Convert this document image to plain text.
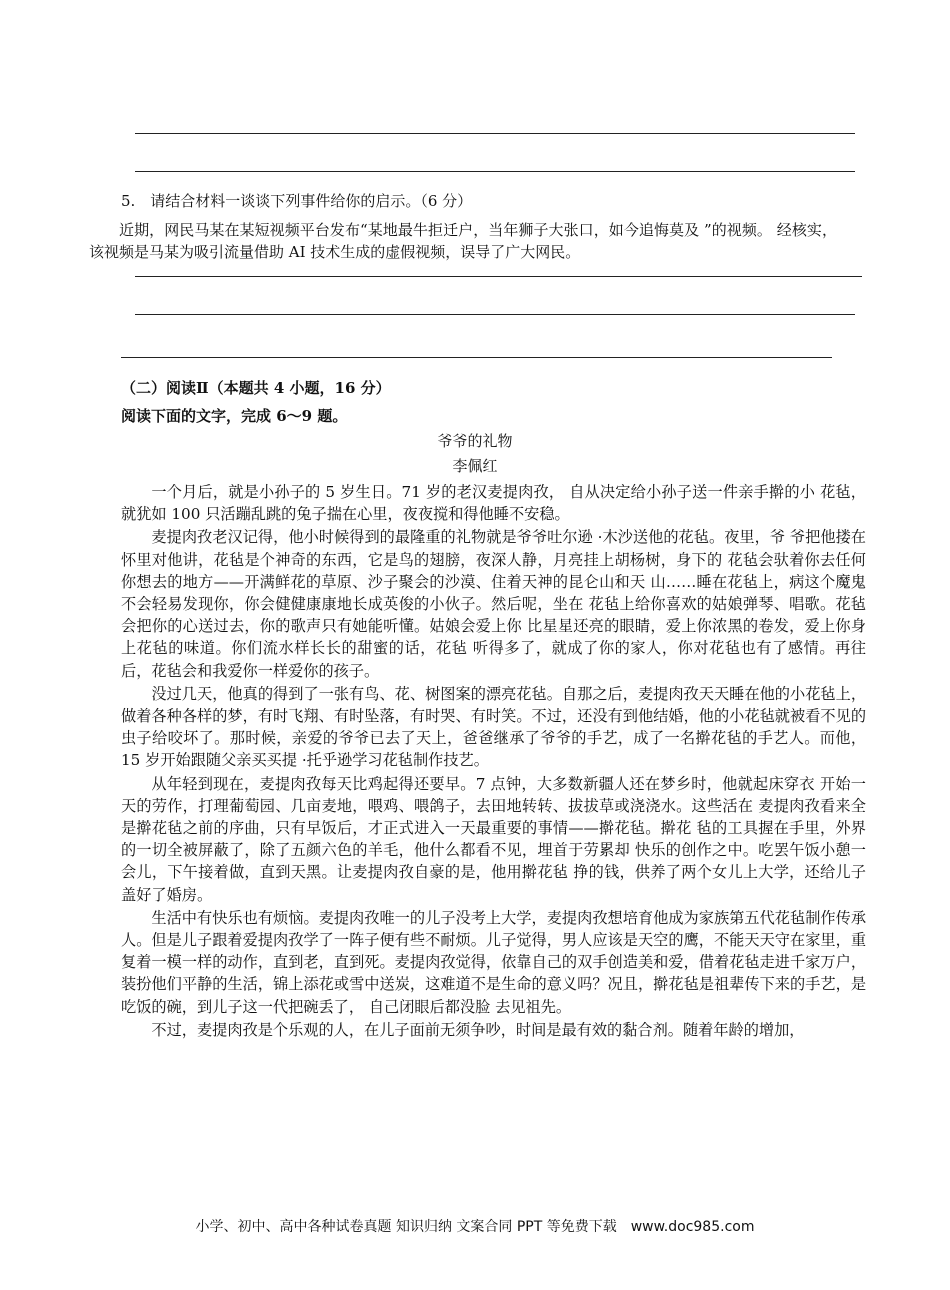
5.　请结合材料一谈谈下列事件给你的启示。（6 分）
近期，网民马某在某短视频平台发布“某地最牛拒迁户，当年狮子大张口，如今追悔莫及 ”的视频。 经核实，该视频是马某为吸引流量借助 AI 技术生成的虚假视频，误导了广大网民。
（二）阅读Ⅱ（本题共 4 小题，16 分）
阅读下面的文字，完成 6～9 题。
爷爷的礼物
李佩红

一个月后，就是小孙子的 5 岁生日。71 岁的老汉麦提肉孜， 自从决定给小孙子送一件亲手擀的小 花毡，就犹如 100 只活蹦乱跳的兔子揣在心里，夜夜搅和得他睡不安稳。

麦提肉孜老汉记得，他小时候得到的最隆重的礼物就是爷爷吐尔逊 ·木沙送他的花毡。夜里，爷 爷把他搂在怀里对他讲，花毡是个神奇的东西，它是鸟的翅膀，夜深人静，月亮挂上胡杨树，身下的 花毡会驮着你去任何你想去的地方——开满鲜花的草原、沙子聚会的沙漠、住着天神的昆仑山和天 山……睡在花毡上，病这个魔鬼不会轻易发现你，你会健健康康地长成英俊的小伙子。然后呢，坐在 花毡上给你喜欢的姑娘弹琴、唱歌。花毡会把你的心送过去，你的歌声只有她能听懂。姑娘会爱上你 比星星还亮的眼睛，爱上你浓黑的卷发，爱上你身上花毡的味道。你们流水样长长的甜蜜的话，花毡 听得多了，就成了你的家人，你对花毡也有了感情。再往后，花毡会和我爱你一样爱你的孩子。

没过几天，他真的得到了一张有鸟、花、树图案的漂亮花毡。自那之后，麦提肉孜天天睡在他的小花毡上，做着各种各样的梦，有时飞翔、有时坠落，有时哭、有时笑。不过，还没有到他结婚，他的小花毡就被看不见的虫子给咬坏了。那时候，亲爱的爷爷已去了天上，爸爸继承了爷爷的手艺，成了一名擀花毡的手艺人。而他，15 岁开始跟随父亲买买提 ·托乎逊学习花毡制作技艺。

从年轻到现在，麦提肉孜每天比鸡起得还要早。7 点钟，大多数新疆人还在梦乡时，他就起床穿衣 开始一天的劳作，打理葡萄园、几亩麦地，喂鸡、喂鸽子，去田地转转、拔拔草或浇浇水。这些活在 麦提肉孜看来全是擀花毡之前的序曲，只有早饭后，才正式进入一天最重要的事情——擀花毡。擀花 毡的工具握在手里，外界的一切全被屏蔽了，除了五颜六色的羊毛，他什么都看不见，埋首于劳累却 快乐的创作之中。吃罢午饭小憩一会儿，下午接着做，直到天黑。让麦提肉孜自豪的是，他用擀花毡 挣的钱，供养了两个女儿上大学，还给儿子盖好了婚房。

生活中有快乐也有烦恼。麦提肉孜唯一的儿子没考上大学，麦提肉孜想培育他成为家族第五代花毡制作传承人。但是儿子跟着爱提肉孜学了一阵子便有些不耐烦。儿子觉得，男人应该是天空的鹰，不能天天守在家里，重复着一模一样的动作，直到老，直到死。麦提肉孜觉得，依靠自己的双手创造美和爱，借着花毡走进千家万户，装扮他们平静的生活，锦上添花或雪中送炭，这难道不是生命的意义吗？况且，擀花毡是祖辈传下来的手艺，是吃饭的碗，到儿子这一代把碗丢了， 自己闭眼后都没脸 去见祖先。

不过，麦提肉孜是个乐观的人，在儿子面前无须争吵，时间是最有效的黏合剂。随着年龄的增加，

小学、初中、高中各种试卷真题 知识归纳 文案合同 PPT 等免费下载　www.doc985.com
